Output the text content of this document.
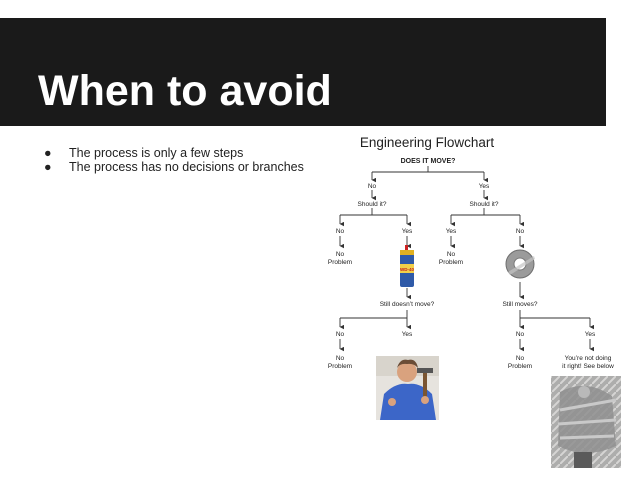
When to avoid
● The process is only a few steps
● The process has no decisions or branches
Engineering Flowchart
DOES IT MOVE?
No	Yes
Should it?	Should it?
No	Yes	Yes	No
No
Problem
No
Problem
Still doesn’t move?	Still moves?
No	Yes	No	Yes
No
Problem
No
Problem
You’re not doing
it right! See below
WD-40
